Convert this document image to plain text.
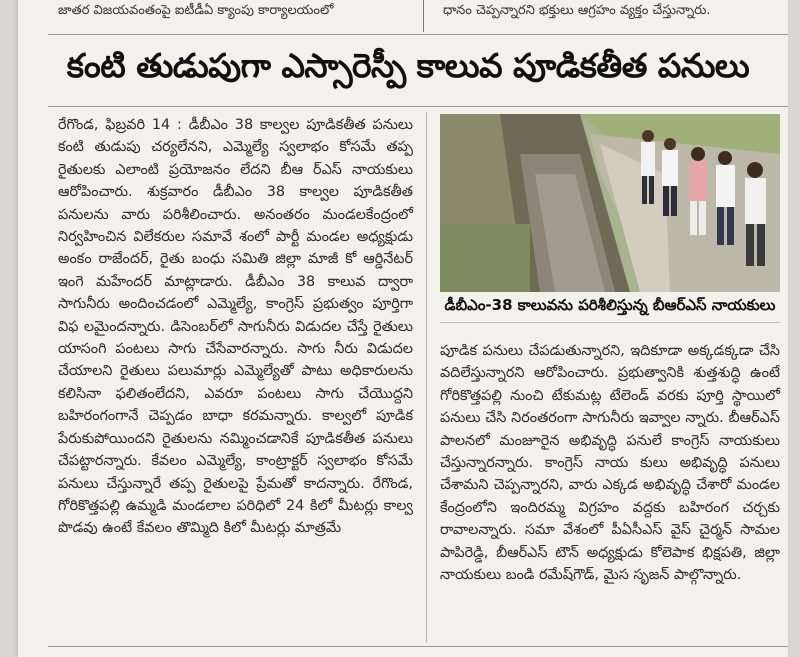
జాతర విజయవంతంపై ఐటీడీఏ క్యాంపు కార్యాలయంలో	ధానం చెప్పన్నారని భక్తులు ఆగ్రహం వ్యక్తం చేస్తున్నారు.
కంటి తుడుపుగా ఎస్సారెస్పీ కాలువ పూడికతీత పనులు

రేగొండ, ఫిబ్రవరి 14 : డీబీఎం 38 కాల్వల పూడికతీత పనులు కంటి తుడుపు చర్యలేనని, ఎమ్మెల్యే స్వలాభం కోసమే తప్ప రైతులకు ఎలాంటి ప్రయోజనం లేదని బీఆ ర్ఎస్ నాయకులు ఆరోపించారు. శుక్రవారం డీబీఎం 38 కాల్వల పూడికతీత పనులను వారు పరిశీలించారు. అనంతరం మండలకేంద్రంలో నిర్వహించిన విలేకరుల సమావే శంలో పార్టీ మండల అధ్యక్షుడు అంకం రాజేందర్, రైతు బంధు సమితి జిల్లా మాజీ కో ఆర్డినేటర్ ఇంగె మహేందర్ మాట్లాడారు. డీబీఎం 38 కాలువ ద్వారా సాగునీరు అందించడంలో ఎమ్మెల్యే, కాంగ్రెస్ ప్రభుత్వం పూర్తిగా విఫ లమైందన్నారు. డిసెంబర్‌లో సాగునీరు విడుదల చేస్తే రైతులు యాసంగి పంటలు సాగు చేసేవారన్నారు. సాగు నీరు విడుదల చేయాలని రైతులు పలుమార్లు ఎమ్మెల్యేతో పాటు అధికారులను కలిసినా ఫలితంలేదని, ఎవరూ పంటలు సాగు చేయొద్దని బహిరంగంగానే చెప్పడం బాధా కరమన్నారు. కాల్వలో పూడిక పేరుకుపోయిందని రైతులను నమ్మించడానికే పూడికతీత పనులు చేపట్టారన్నారు. కేవలం ఎమ్మెల్యే, కాంట్రాక్టర్ స్వలాభం కోసమే పనులు చేస్తున్నారే తప్ప రైతులపై ప్రేమతో కాదన్నారు. రేగొండ, గోరికొత్తపల్లి ఉమ్మడి మండలాల పరిధిలో 24 కిలో మీటర్లు కాల్వ పొడవు ఉంటే కేవలం తొమ్మిది కిలో మీటర్లు మాత్రమే

డీబీఎం-38 కాలువను పరిశీలిస్తున్న బీఆర్ఎస్ నాయకులు

పూడిక పనులు చేపడుతున్నారని, ఇదికూడా అక్కడక్కడా చేసి వదిలేస్తున్నారని ఆరోపించారు. ప్రభుత్వానికి శుత్తశుద్ధి ఉంటే గోరికొత్తపల్లి నుంచి టేకుమట్ల టేలెండ్ వరకు పూర్తి స్థాయిలో పనులు చేసి నిరంతరంగా సాగునీరు ఇవ్వాల న్నారు. బీఆర్ఎస్ పాలనలో మంజూరైన అభివృద్ధి పనులే కాంగ్రెస్ నాయకులు చేస్తున్నారన్నారు. కాంగ్రెస్ నాయ కులు అభివృద్ధి పనులు చేశామని చెప్పన్నారని, వారు ఎక్కడ అభివృద్ధి చేశారో మండల కేంద్రంలోని ఇందిరమ్మ విగ్రహం వద్దకు బహిరంగ చర్చకు రావాలన్నారు. సమా వేశంలో పీఏసీఎస్ వైస్ చైర్మన్ సామల పాపిరెడ్డి, బీఆర్ఎస్ టౌన్ అధ్యక్షుడు కోలెపాక భిక్షపతి, జిల్లా నాయకులు బండి రమేష్‌గౌడ్, మైస సృజన్ పాల్గొన్నారు.
